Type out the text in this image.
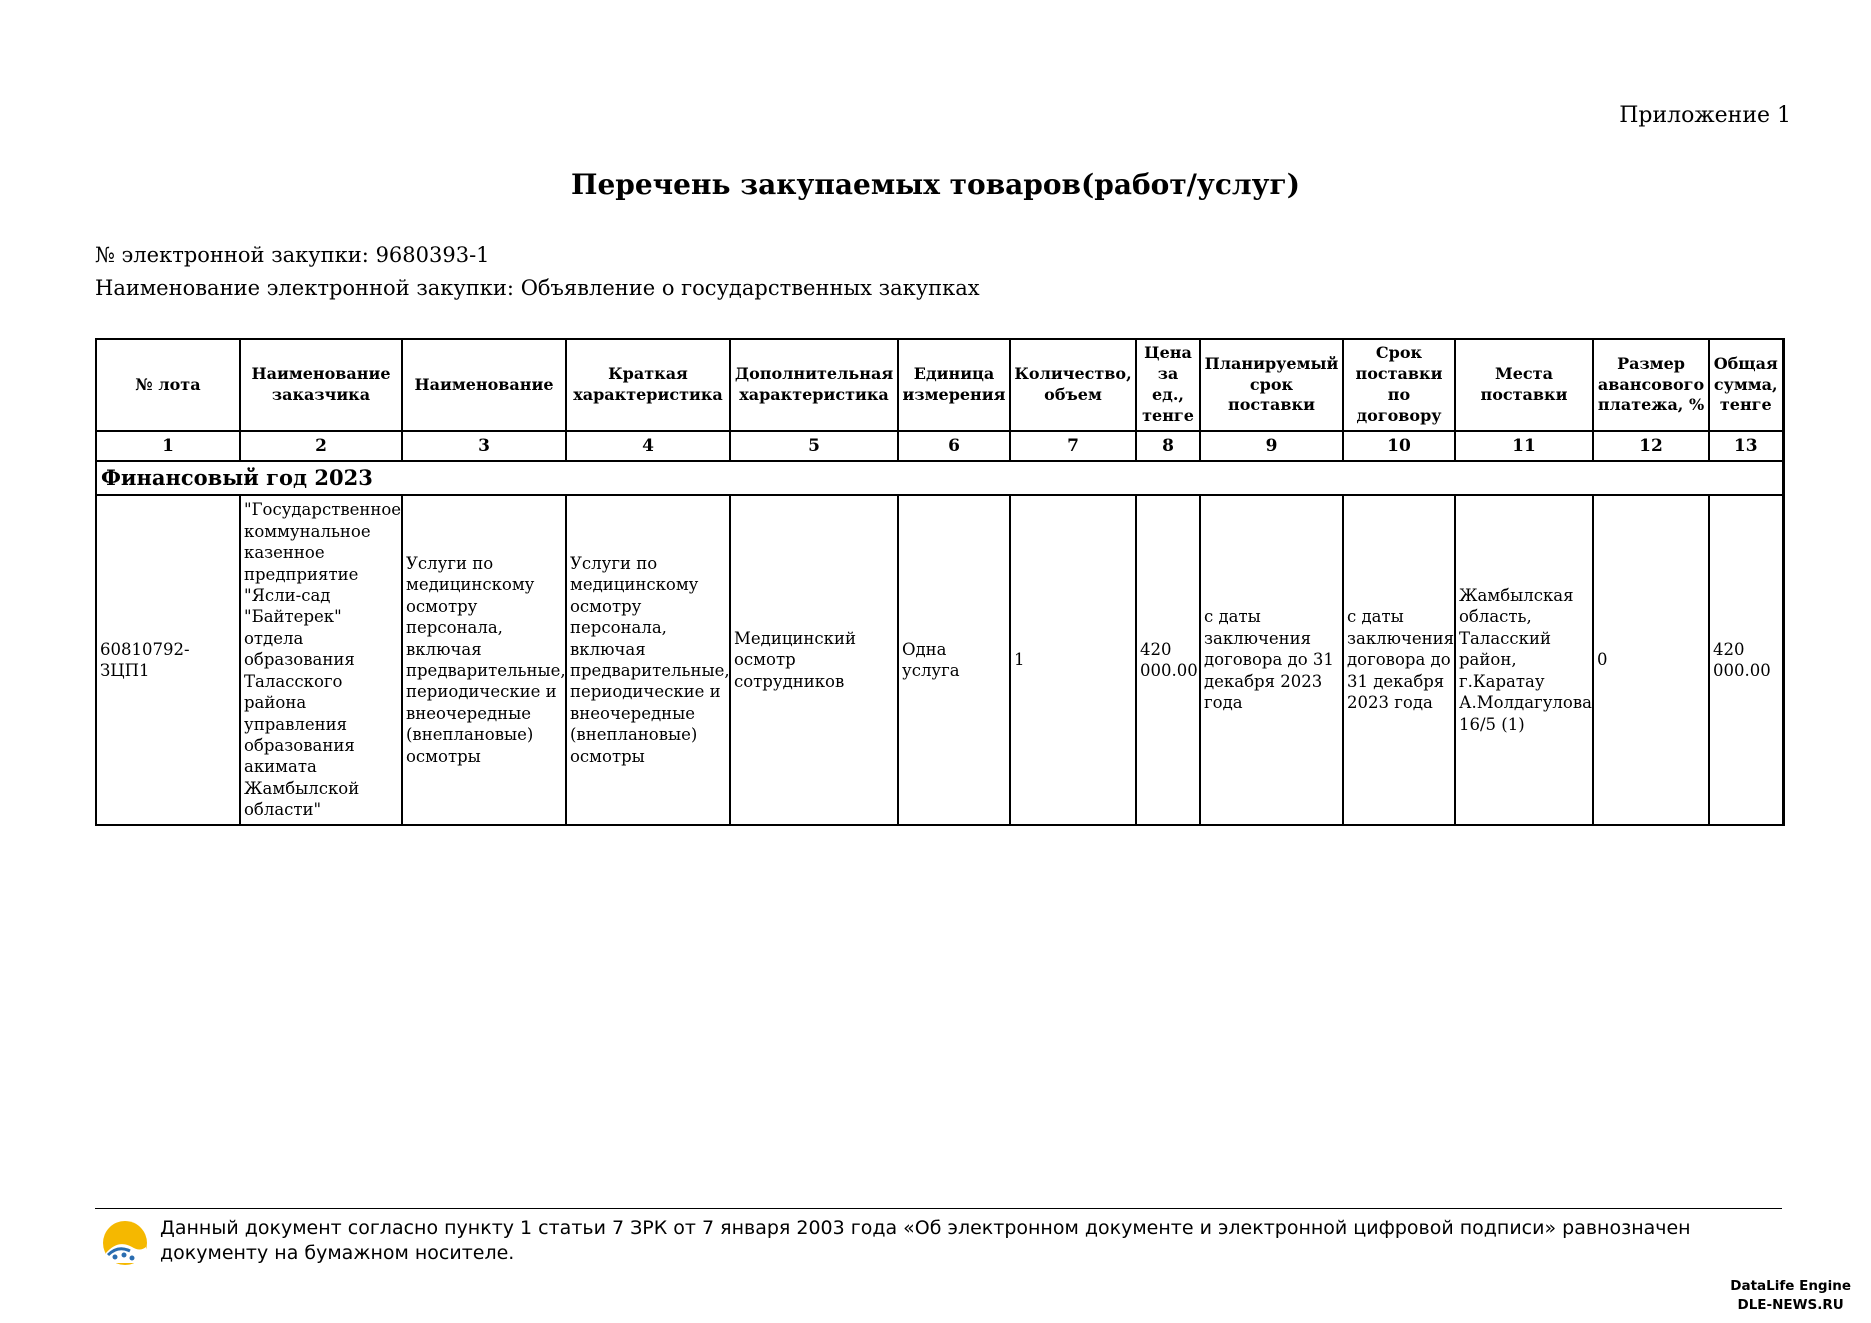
Приложение 1
Перечень закупаемых товаров(работ/услуг)
№ электронной закупки: 9680393-1
Наименование электронной закупки: Объявление о государственных закупках
№ лота	Наименование заказчика	Наименование	Краткая характеристика	Дополнительная характеристика	Единица измерения	Количество, объем	Цена за ед., тенге	Планируемый срок поставки	Срок поставки по договору	Места поставки	Размер авансового платежа, %	Общая сумма, тенге
1	2	3	4	5	6	7	8	9	10	11	12	13
Финансовый год 2023												
60810792-ЗЦП1	"Государственное коммунальное казенное предприятие "Ясли-сад "Байтерек" отдела образования Таласского района управления образования акимата Жамбылской области"	Услуги по медицинскому осмотру персонала, включая предварительные, периодические и внеочередные (внеплановые) осмотры	Услуги по медицинскому осмотру персонала, включая предварительные, периодические и внеочередные (внеплановые) осмотры	Медицинский осмотр сотрудников	Одна услуга	1	420 000.00	с даты заключения договора до 31 декабря 2023 года	с даты заключения договора до 31 декабря 2023 года	Жамбылская область, Таласский район, г.Каратау А.Молдагулова 16/5 (1)	0	420 000.00
Данный документ согласно пункту 1 статьи 7 ЗРК от 7 января 2003 года «Об электронном документе и электронной цифровой подписи» равнозначен документу на бумажном носителе.
DataLife Engine
DLE-NEWS.RU
